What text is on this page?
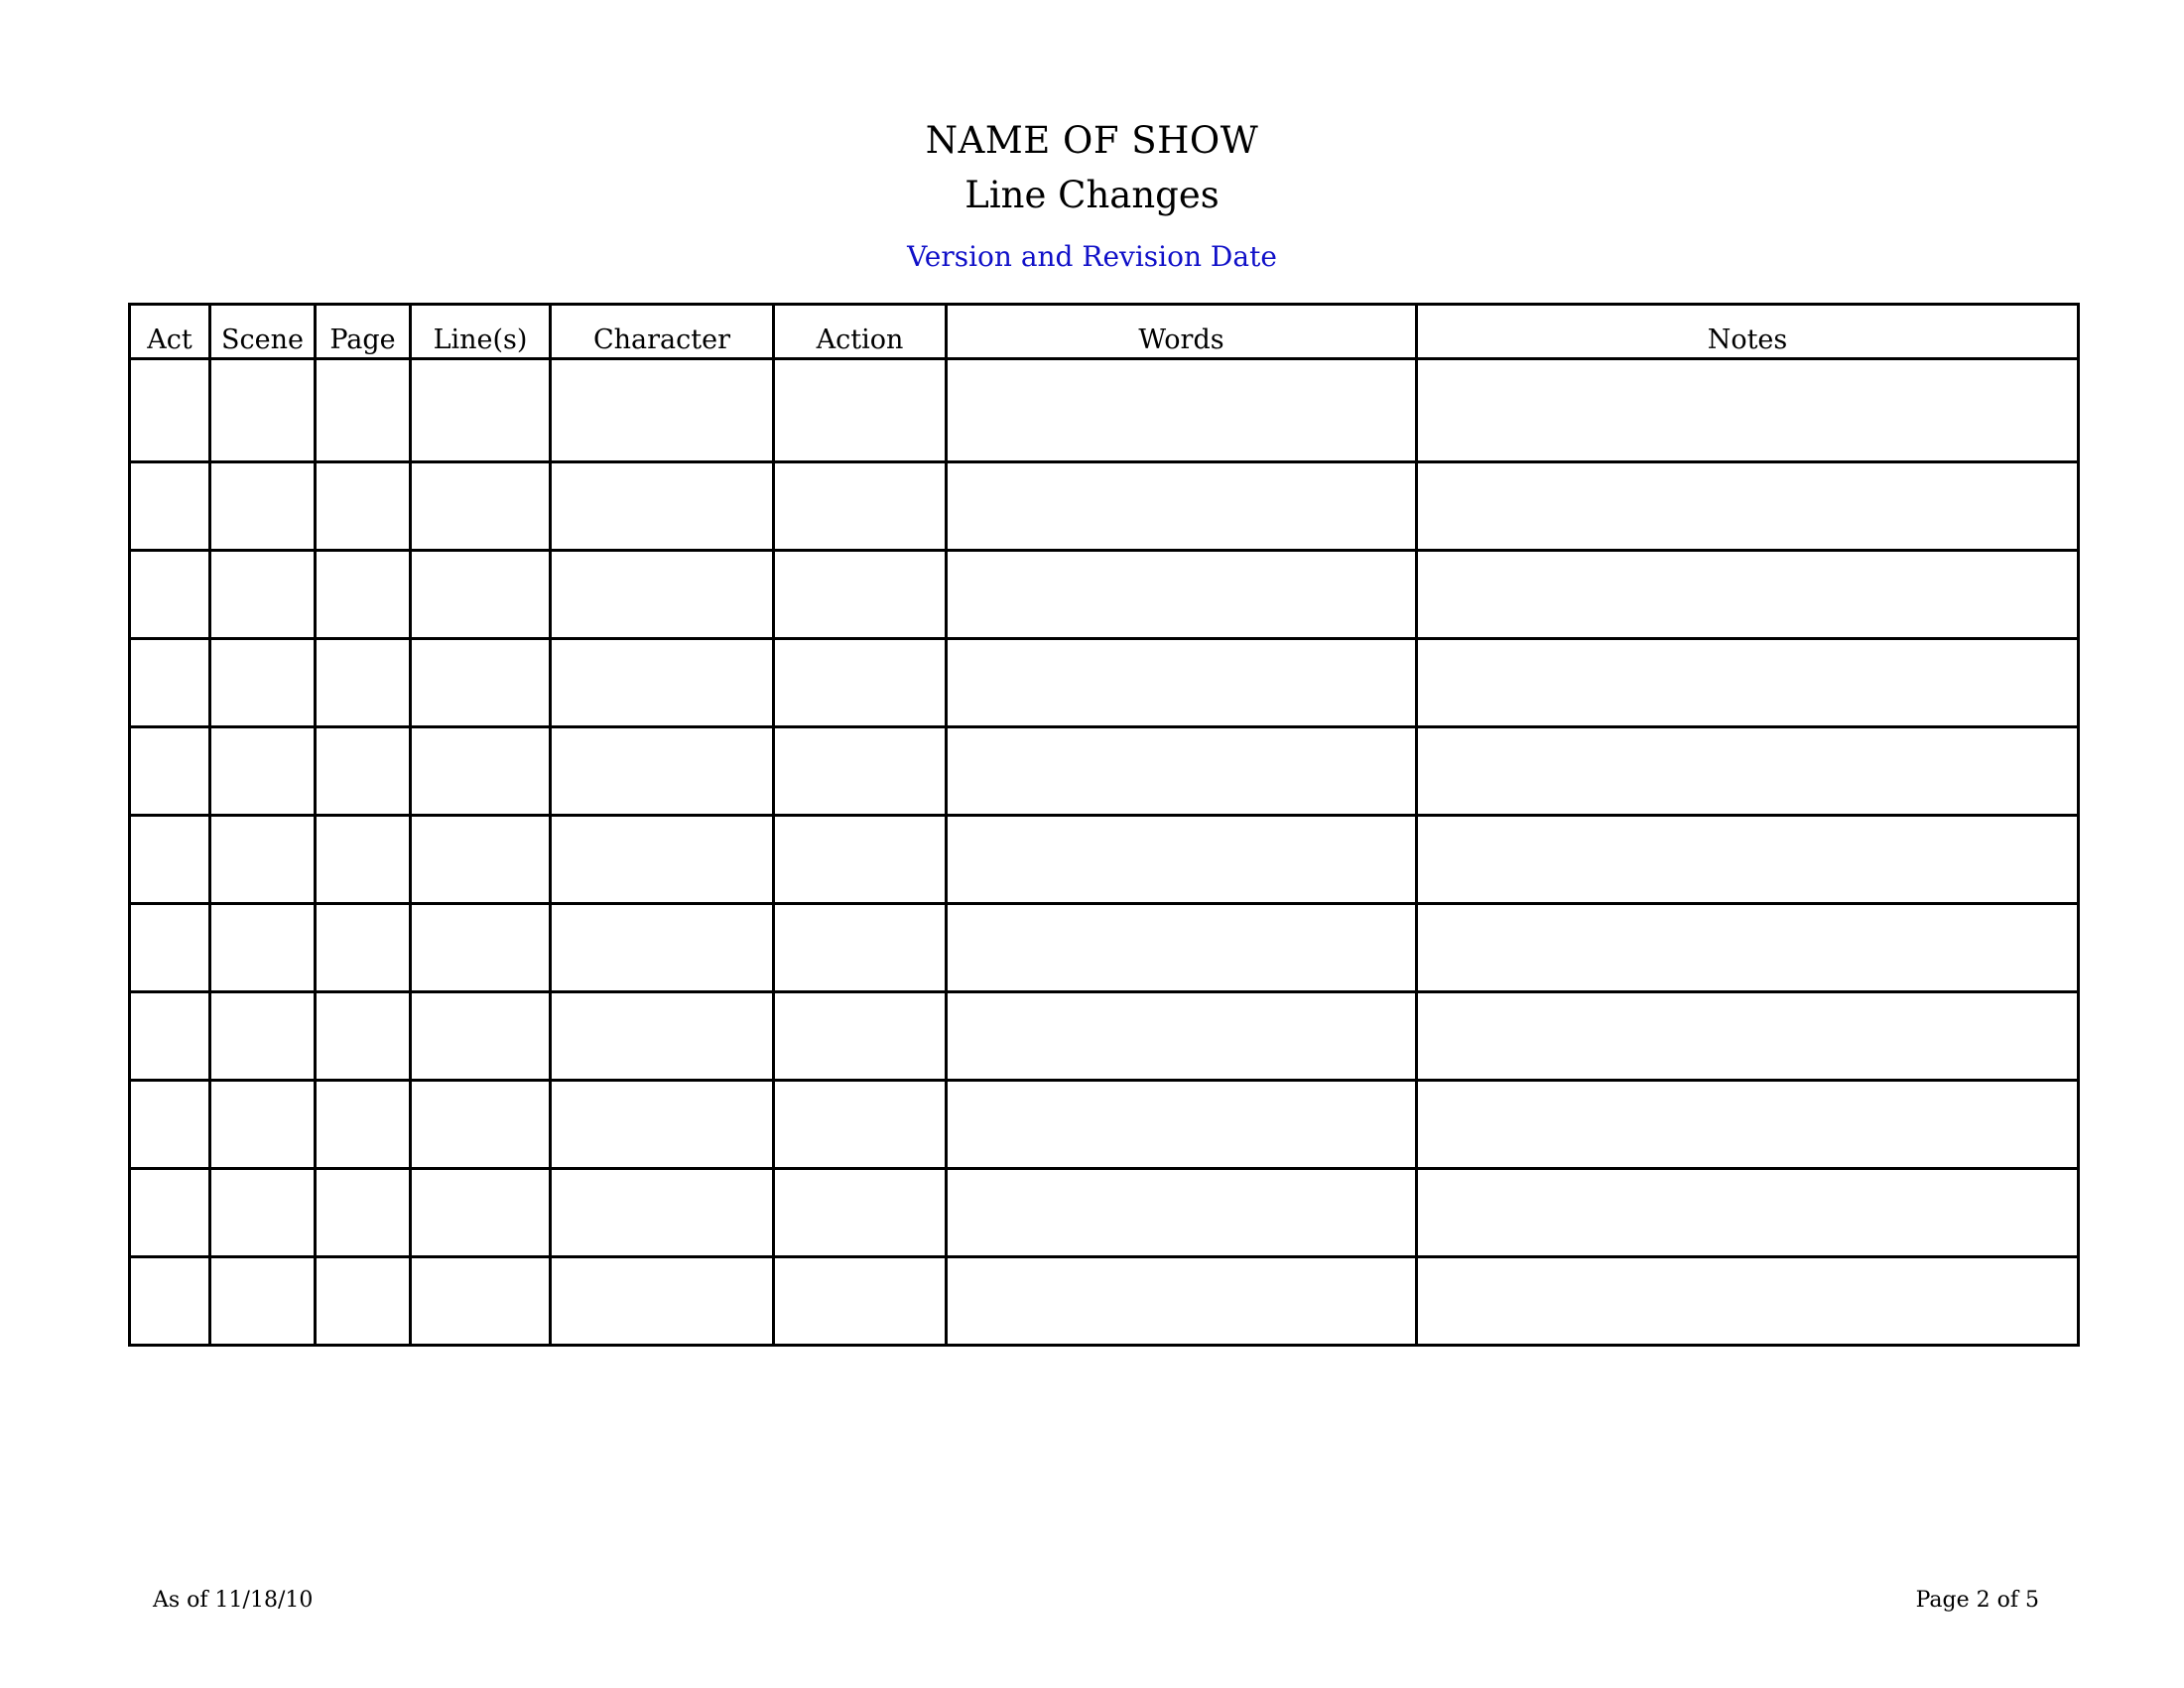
NAME OF SHOW
Line Changes
Version and Revision Date
Act	Scene	Page	Line(s)	Character	Action	Words	Notes

As of 11/18/10	Page 2 of 5
